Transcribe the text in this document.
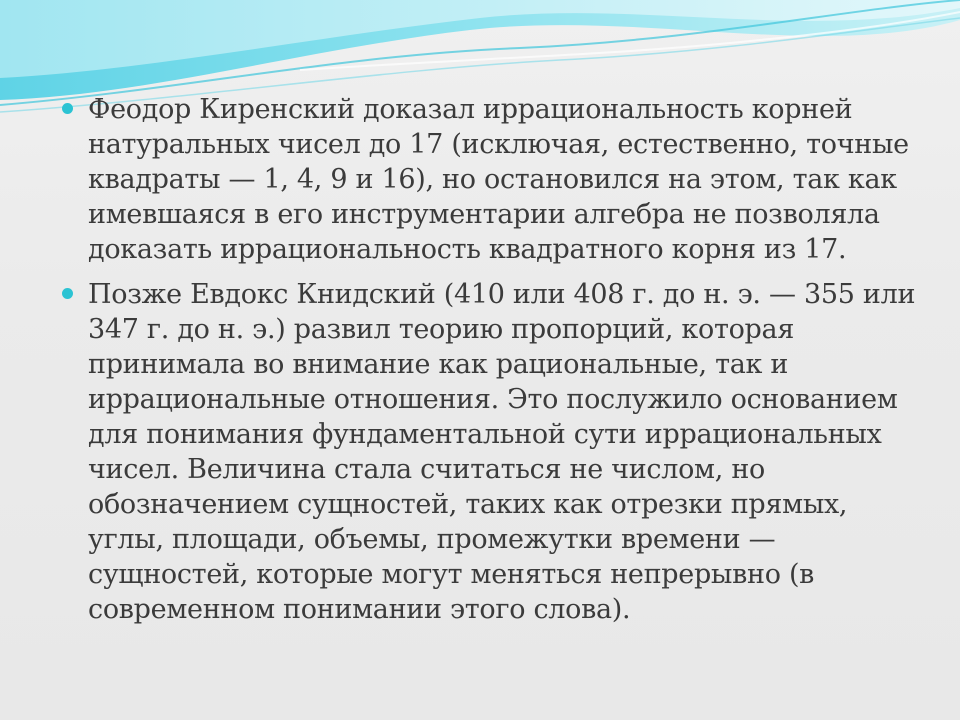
Феодор Киренский доказал иррациональность корней натуральных чисел до 17 (исключая, естественно, точные квадраты — 1, 4, 9 и 16), но остановился на этом, так как имевшаяся в его инструментарии алгебра не позволяла доказать иррациональность квадратного корня из 17.
Позже Евдокс Книдский (410 или 408 г. до н. э. — 355 или 347 г. до н. э.) развил теорию пропорций, которая принимала во внимание как рациональные, так и иррациональные отношения. Это послужило основанием для понимания фундаментальной сути иррациональных чисел. Величина стала считаться не числом, но обозначением сущностей, таких как отрезки прямых, углы, площади, объемы, промежутки времени — сущностей, которые могут меняться непрерывно (в современном понимании этого слова).
